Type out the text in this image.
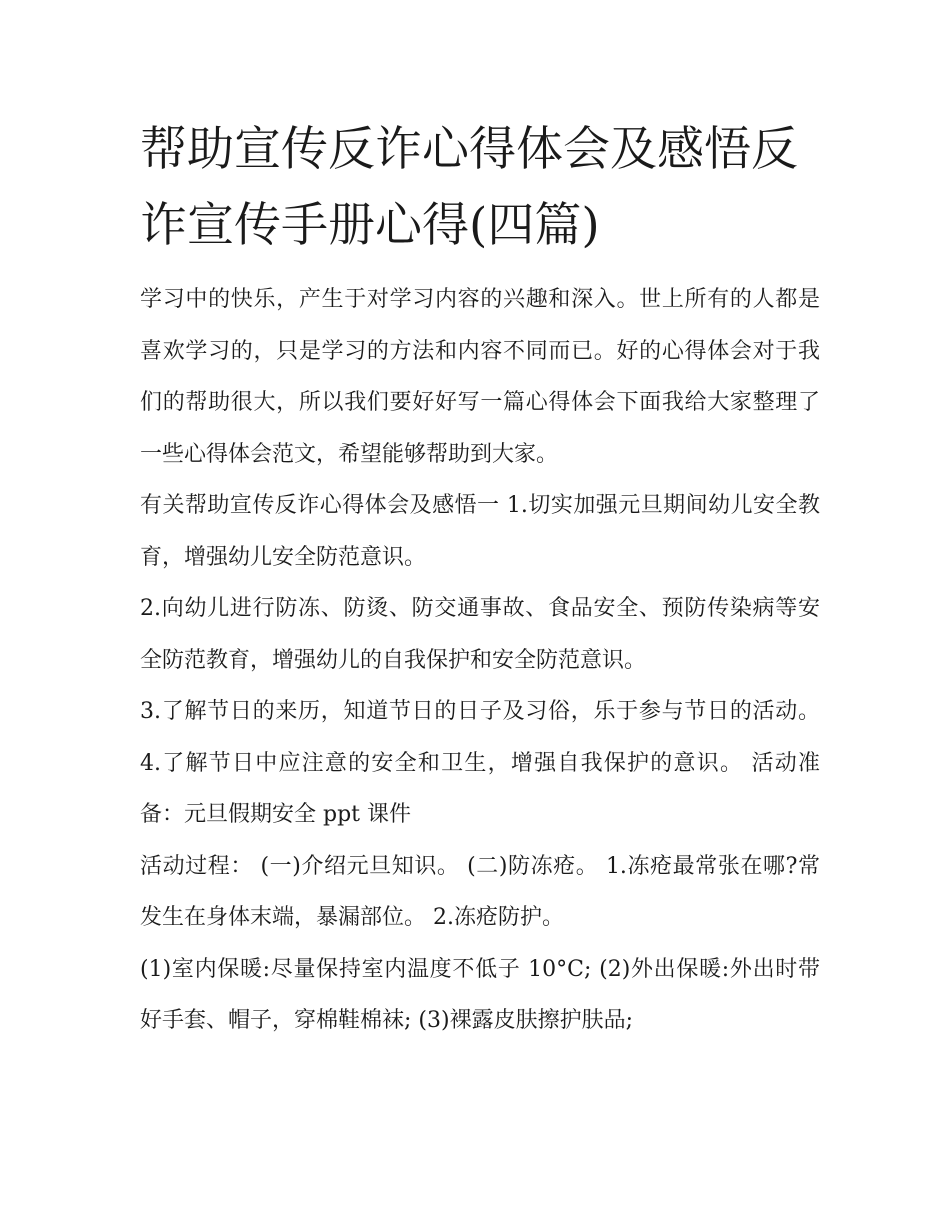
帮助宣传反诈心得体会及感悟反诈宣传手册心得(四篇)

学习中的快乐，产生于对学习内容的兴趣和深入。世上所有的人都是喜欢学习的，只是学习的方法和内容不同而已。好的心得体会对于我们的帮助很大，所以我们要好好写一篇心得体会下面我给大家整理了一些心得体会范文，希望能够帮助到大家。

有关帮助宣传反诈心得体会及感悟一 1.切实加强元旦期间幼儿安全教育，增强幼儿安全防范意识。

2.向幼儿进行防冻、防烫、防交通事故、食品安全、预防传染病等安全防范教育，增强幼儿的自我保护和安全防范意识。

3.了解节日的来历，知道节日的日子及习俗，乐于参与节日的活动。 4.了解节日中应注意的安全和卫生，增强自我保护的意识。 活动准备：元旦假期安全 ppt 课件

活动过程： (一)介绍元旦知识。 (二)防冻疮。 1.冻疮最常张在哪?常发生在身体末端，暴漏部位。 2.冻疮防护。

(1)室内保暖:尽量保持室内温度不低子 10°C; (2)外出保暖:外出时带好手套、帽子，穿棉鞋棉袜; (3)裸露皮肤擦护肤品;
